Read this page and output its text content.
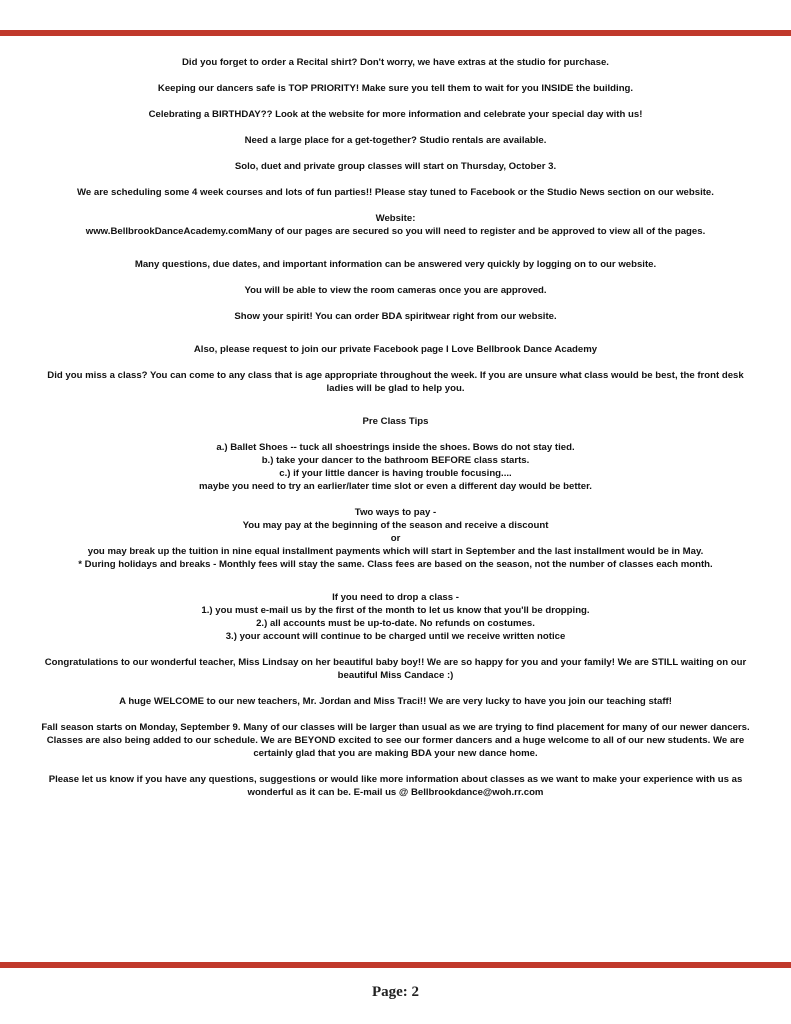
Did you forget to order a Recital shirt? Don't worry, we have extras at the studio for purchase.

Keeping our dancers safe is TOP PRIORITY! Make sure you tell them to wait for you INSIDE the building.

Celebrating a BIRTHDAY?? Look at the website for more information and celebrate your special day with us!

Need a large place for a get-together? Studio rentals are available.

Solo, duet and private group classes will start on Thursday, October 3.

We are scheduling some 4 week courses and lots of fun parties!! Please stay tuned to Facebook or the Studio News section on our website.

Website:
www.BellbrookDanceAcademy.comMany of our pages are secured so you will need to register and be approved to view all of the pages.

Many questions, due dates, and important information can be answered very quickly by logging on to our website.

You will be able to view the room cameras once you are approved.

Show your spirit! You can order BDA spiritwear right from our website.

Also, please request to join our private Facebook page I Love Bellbrook Dance Academy

Did you miss a class? You can come to any class that is age appropriate throughout the week. If you are unsure what class would be best, the front desk ladies will be glad to help you.

Pre Class Tips

a.) Ballet Shoes -- tuck all shoestrings inside the shoes. Bows do not stay tied.
b.) take your dancer to the bathroom BEFORE class starts.
c.) if your little dancer is having trouble focusing....
maybe you need to try an earlier/later time slot or even a different day would be better.

Two ways to pay -
You may pay at the beginning of the season and receive a discount
or
you may break up the tuition in nine equal installment payments which will start in September and the last installment would be in May.
* During holidays and breaks - Monthly fees will stay the same. Class fees are based on the season, not the number of classes each month.

If you need to drop a class -
1.) you must e-mail us by the first of the month to let us know that you'll be dropping.
2.) all accounts must be up-to-date. No refunds on costumes.
3.) your account will continue to be charged until we receive written notice

Congratulations to our wonderful teacher, Miss Lindsay on her beautiful baby boy!! We are so happy for you and your family! We are STILL waiting on our beautiful Miss Candace :)

A huge WELCOME to our new teachers, Mr. Jordan and Miss Traci!! We are very lucky to have you join our teaching staff!

Fall season starts on Monday, September 9. Many of our classes will be larger than usual as we are trying to find placement for many of our newer dancers. Classes are also being added to our schedule. We are BEYOND excited to see our former dancers and a huge welcome to all of our new students. We are certainly glad that you are making BDA your new dance home.

Please let us know if you have any questions, suggestions or would like more information about classes as we want to make your experience with us as wonderful as it can be. E-mail us @ Bellbrookdance@woh.rr.com

Page: 2
